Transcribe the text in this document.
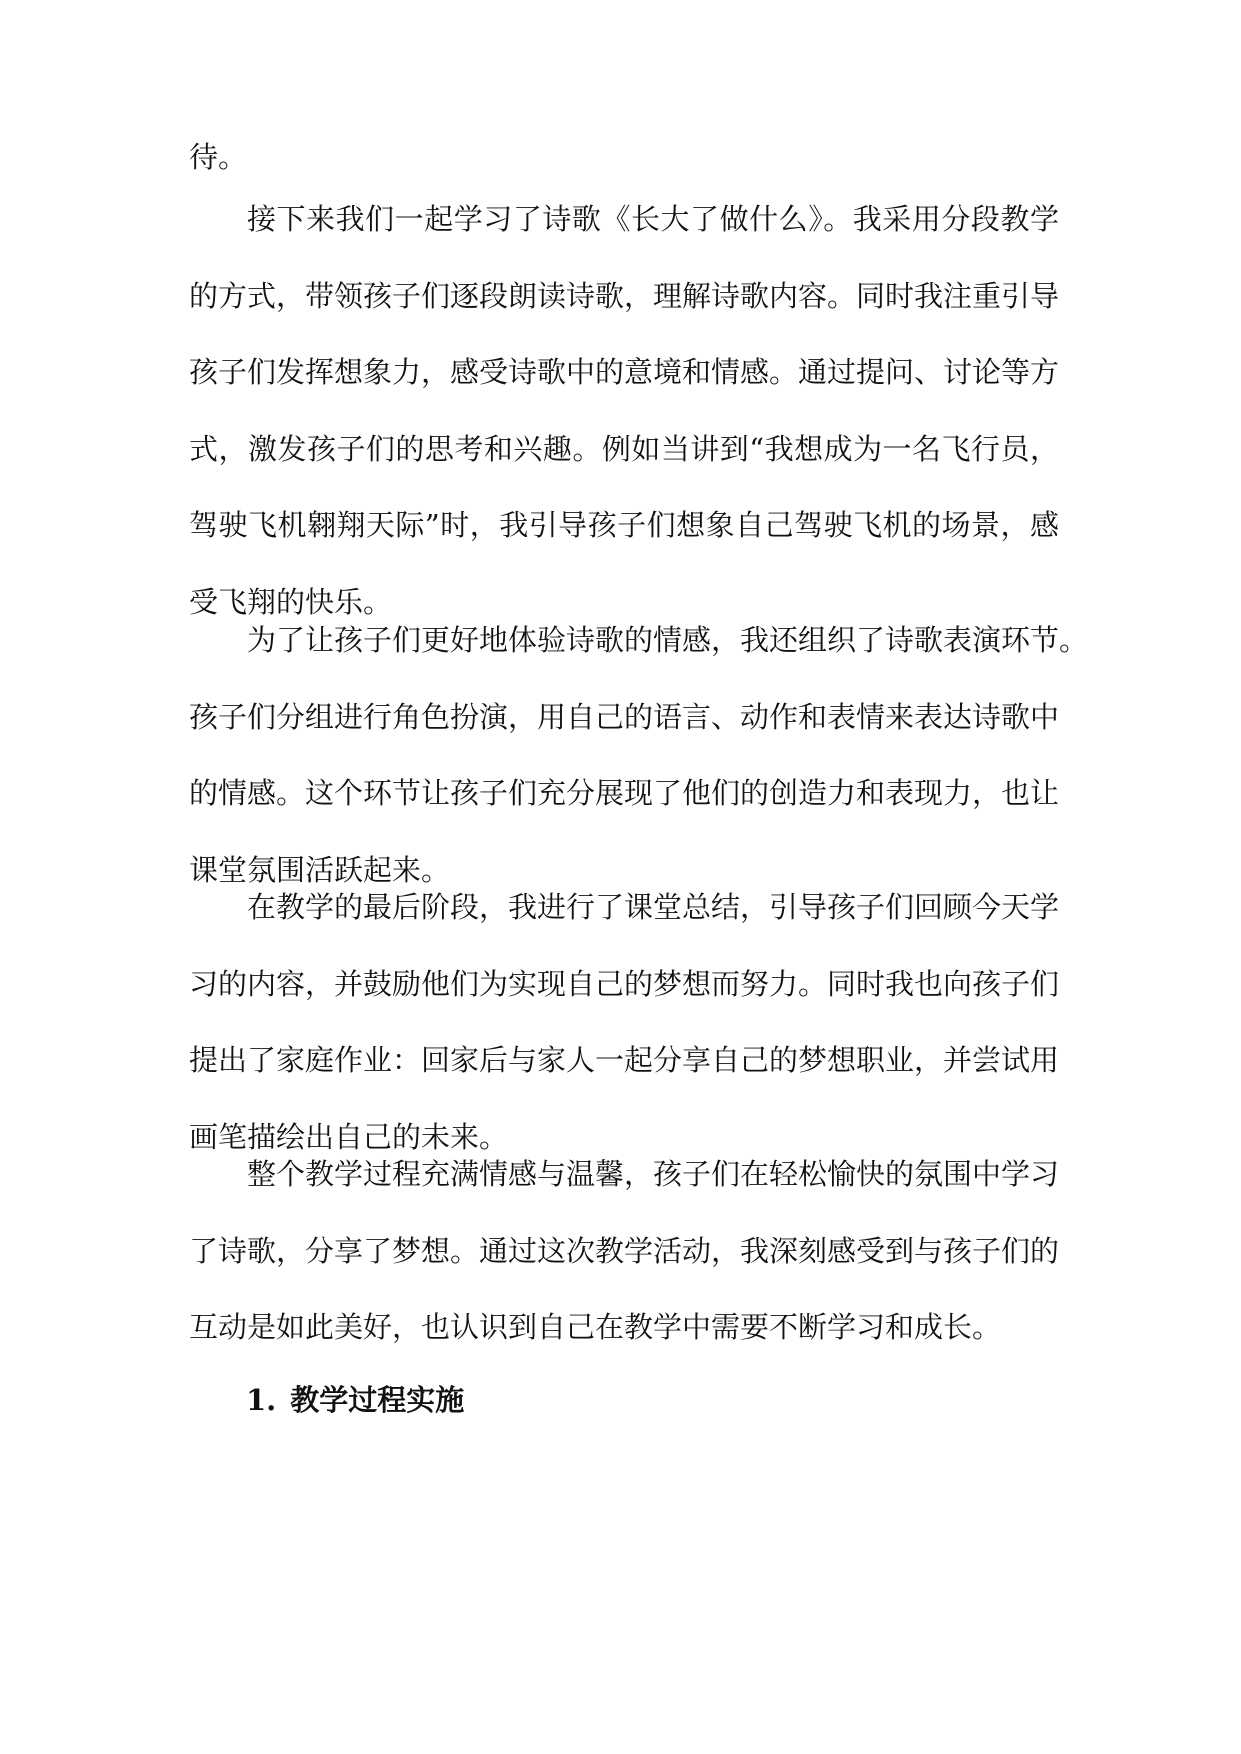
待。
接下来我们一起学习了诗歌《长大了做什么》。我采用分段教学
的方式，带领孩子们逐段朗读诗歌，理解诗歌内容。同时我注重引导
孩子们发挥想象力，感受诗歌中的意境和情感。通过提问、讨论等方
式，激发孩子们的思考和兴趣。例如当讲到“我想成为一名飞行员，
驾驶飞机翱翔天际”时，我引导孩子们想象自己驾驶飞机的场景，感
受飞翔的快乐。
为了让孩子们更好地体验诗歌的情感，我还组织了诗歌表演环节。
孩子们分组进行角色扮演，用自己的语言、动作和表情来表达诗歌中
的情感。这个环节让孩子们充分展现了他们的创造力和表现力，也让
课堂氛围活跃起来。
在教学的最后阶段，我进行了课堂总结，引导孩子们回顾今天学
习的内容，并鼓励他们为实现自己的梦想而努力。同时我也向孩子们
提出了家庭作业：回家后与家人一起分享自己的梦想职业，并尝试用
画笔描绘出自己的未来。
整个教学过程充满情感与温馨，孩子们在轻松愉快的氛围中学习
了诗歌，分享了梦想。通过这次教学活动，我深刻感受到与孩子们的
互动是如此美好，也认识到自己在教学中需要不断学习和成长。
1. 教学过程实施
